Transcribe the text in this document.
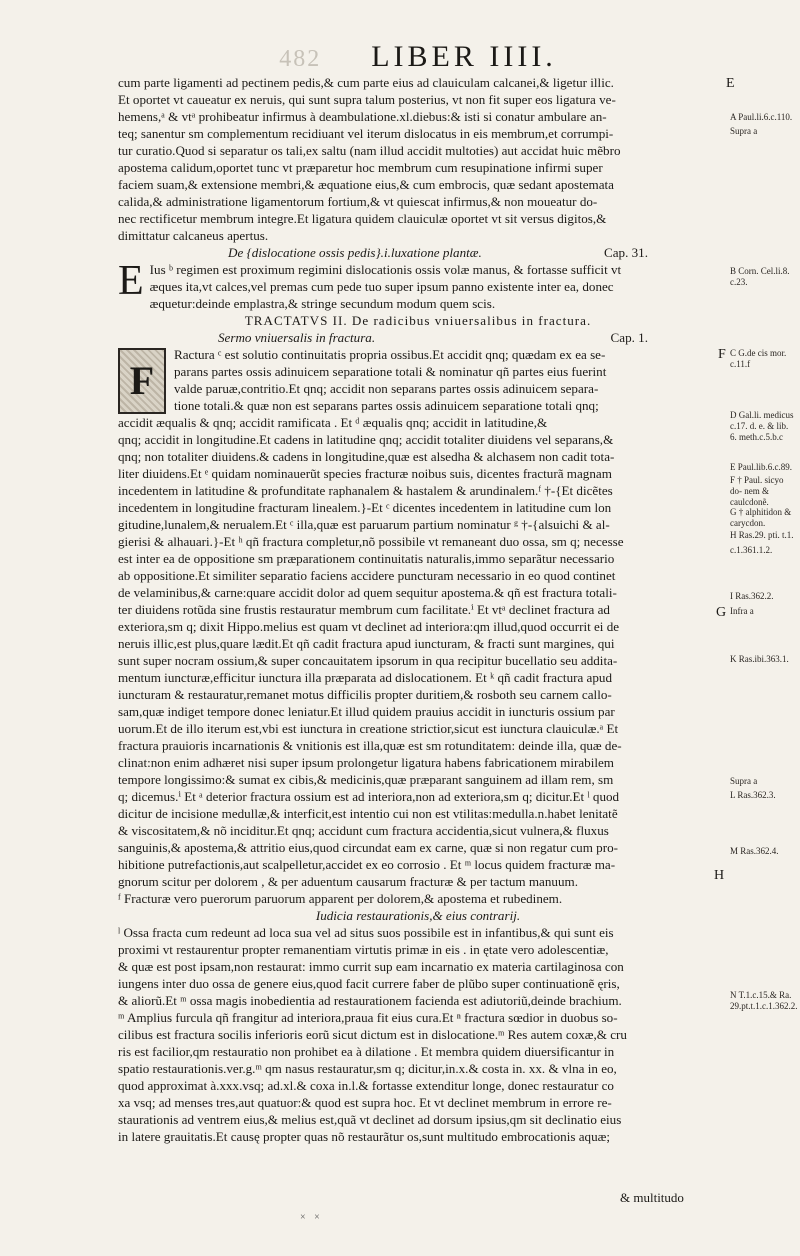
482 LIBER IIII.
E
F
G
H
cum parte ligamenti ad pectinem pedis,& cum parte eius ad clauiculam calcanei,& ligetur illic.
Et oportet vt caueatur ex neruis, qui sunt supra talum posterius, vt non fit super eos ligatura ve-
hemens,ᵃ & vtᵃ prohibeatur infirmus à deambulatione.xl.diebus:& isti si conatur ambulare an-
teq; sanentur sm complementum recidiuant vel iterum dislocatus in eis membrum,et corrumpi-
tur curatio.Quod si separatur os tali,ex saltu (nam illud accidit multoties) aut accidat huic mẽbro
apostema calidum,oportet tunc vt præparetur hoc membrum cum resupinatione infirmi super
faciem suam,& extensione membri,& æquatione eius,& cum embrocis, quæ sedant apostemata
calida,& administratione ligamentorum fortium,& vt quiescat infirmus,& non moueatur do-
nec rectificetur membrum integre.Et ligatura quidem clauiculæ oportet vt sit versus digitos,&
dimittatur calcaneus apertus.
De {dislocatione ossis pedis}.i.luxatione plantæ.	Cap. 31.
E Ius ᵇ regimen est proximum regimini dislocationis ossis volæ manus, & fortasse sufficit vt
æques ita,vt calces,vel premas cum pede tuo super ipsum panno existente inter ea, donec
æquetur:deinde emplastra,& stringe secundum modum quem scis.
TRACTATVS II. De radicibus vniuersalibus in fractura.
Sermo vniuersalis in fractura.	Cap. 1.
F
Ractura ᶜ est solutio continuitatis propria ossibus.Et accidit qnq; quædam ex ea se-
parans partes ossis adinuicem separatione totali & nominatur qñ partes eius fuerint
valde paruæ,contritio.Et qnq; accidit non separans partes ossis adinuicem separa-
tione totali.& quæ non est separans partes ossis adinuicem separatione totali qnq;
accidit æqualis & qnq; accidit ramificata . Et ᵈ æqualis qnq; accidit in latitudine,&
qnq; accidit in longitudine.Et cadens in latitudine qnq; accidit totaliter diuidens vel separans,&
qnq; non totaliter diuidens.& cadens in longitudine,quæ est alsedha & alchasem non cadit tota-
liter diuidens.Et ᵉ quidam nominauerũt species fracturæ noibus suis, dicentes fracturã magnam
incedentem in latitudine & profunditate raphanalem & hastalem & arundinalem.ᶠ †-{Et dicẽtes
incedentem in longitudine fracturam linealem.}-Et ᶜ dicentes incedentem in latitudine cum lon
gitudine,lunalem,& nerualem.Et ᶜ illa,quæ est paruarum partium nominatur ᵍ †-{alsuichi & al-
gierisi & alhauari.}-Et ʰ qñ fractura completur,nõ possibile vt remaneant duo ossa, sm q; necesse
est inter ea de oppositione sm præparationem continuitatis naturalis,immo separãtur necessario
ab oppositione.Et similiter separatio faciens accidere puncturam necessario in eo quod continet
de velaminibus,& carne:quare accidit dolor ad quem sequitur apostema.& qñ est fractura totali-
ter diuidens rotũda sine frustis restauratur membrum cum facilitate.ⁱ Et vtᵃ declinet fractura ad
exteriora,sm q; dixit Hippo.melius est quam vt declinet ad interiora:qm illud,quod occurrit ei de
neruis illic,est plus,quare lædit.Et qñ cadit fractura apud iuncturam, & fracti sunt margines, qui
sunt super nocram ossium,& super concauitatem ipsorum in qua recipitur bucellatio seu addita-
mentum iuncturæ,efficitur iunctura illa præparata ad dislocationem. Et ᵏ qñ cadit fractura apud
iuncturam & restauratur,remanet motus difficilis propter duritiem,& rosboth seu carnem callo-
sam,quæ indiget tempore donec leniatur.Et illud quidem prauius accidit in iuncturis ossium par
uorum.Et de illo iterum est,vbi est iunctura in creatione strictior,sicut est iunctura clauiculæ.ᵃ Et
fractura prauioris incarnationis & vnitionis est illa,quæ est sm rotunditatem: deinde illa, quæ de-
clinat:non enim adhæret nisi super ipsum prolongetur ligatura habens fabricationem mirabilem
tempore longissimo:& sumat ex cibis,& medicinis,quæ præparant sanguinem ad illam rem, sm
q; dicemus.ⁱ Et ᵃ deterior fractura ossium est ad interiora,non ad exteriora,sm q; dicitur.Et ˡ quod
dicitur de incisione medullæ,& interficit,est intentio cui non est vtilitas:medulla.n.habet lenitatẽ
& viscositatem,& nõ inciditur.Et qnq; accidunt cum fractura accidentia,sicut vulnera,& fluxus
sanguinis,& apostema,& attritio eius,quod circundat eam ex carne, quæ si non regatur cum pro-
hibitione putrefactionis,aut scalpelletur,accidet ex eo corrosio . Et ᵐ locus quidem fracturæ ma-
gnorum scitur per dolorem , & per aduentum causarum fracturæ & per tactum manuum.
ᶠ Fracturæ vero puerorum paruorum apparent per dolorem,& apostema et rubedinem.
Iudicia restaurationis,& eius contrarij.
ˡ Ossa fracta cum redeunt ad loca sua vel ad situs suos possibile est in infantibus,& qui sunt eis
proximi vt restaurentur propter remanentiam virtutis primæ in eis . in ętate vero adolescentiæ,
& quæ est post ipsam,non restaurat: immo currit sup eam incarnatio ex materia cartilaginosa con
iungens inter duo ossa de genere eius,quod facit currere faber de plũbo super continuationẽ ęris,
& aliorũ.Et ᵐ ossa magis inobedientia ad restaurationem facienda est adiutoriũ,deinde brachium.
ᵐ Amplius furcula qñ frangitur ad interiora,praua fit eius cura.Et ⁿ fractura sœdior in duobus so-
cilibus est fractura socilis inferioris eorũ sicut dictum est in dislocatione.ᵐ Res autem coxæ,& cru
ris est facilior,qm restauratio non prohibet ea à dilatione . Et membra quidem diuersificantur in
spatio restaurationis.ver.g.ᵐ qm nasus restauratur,sm q; dicitur,in.x.& costa in. xx. & vlna in eo,
quod approximat à.xxx.vsq; ad.xl.& coxa in.l.& fortasse extenditur longe, donec restauratur co
xa vsq; ad menses tres,aut quatuor:& quod est supra hoc. Et vt declinet membrum in errore re-
staurationis ad ventrem eius,& melius est,quã vt declinet ad dorsum ipsius,qm sit declinatio eius
in latere grauitatis.Et causę propter quas nõ restaurãtur os,sunt multitudo embrocationis aquæ;
& multitudo
× ×
A Paul.li.6.c.110.
Supra a
B Corn. Cel.li.8. c.23.
C G.de cis mor. c.11.f
D Gal.li. medicus c.17. d. e. & lib. 6. meth.c.5.b.c
E Paul.lib.6.c.89.
F † Paul. sicyo do- nem & caulcdonẽ.
G † alphitidon & carycdon.
H Ras.29. pti. t.1.
c.1.361.1.2.
I Ras.362.2.
Infra a
K Ras.ibi.363.1.
Supra a
L Ras.362.3.
M Ras.362.4.
N T.1.c.15.& Ra. 29.pt.t.1.c.1.362.2.
